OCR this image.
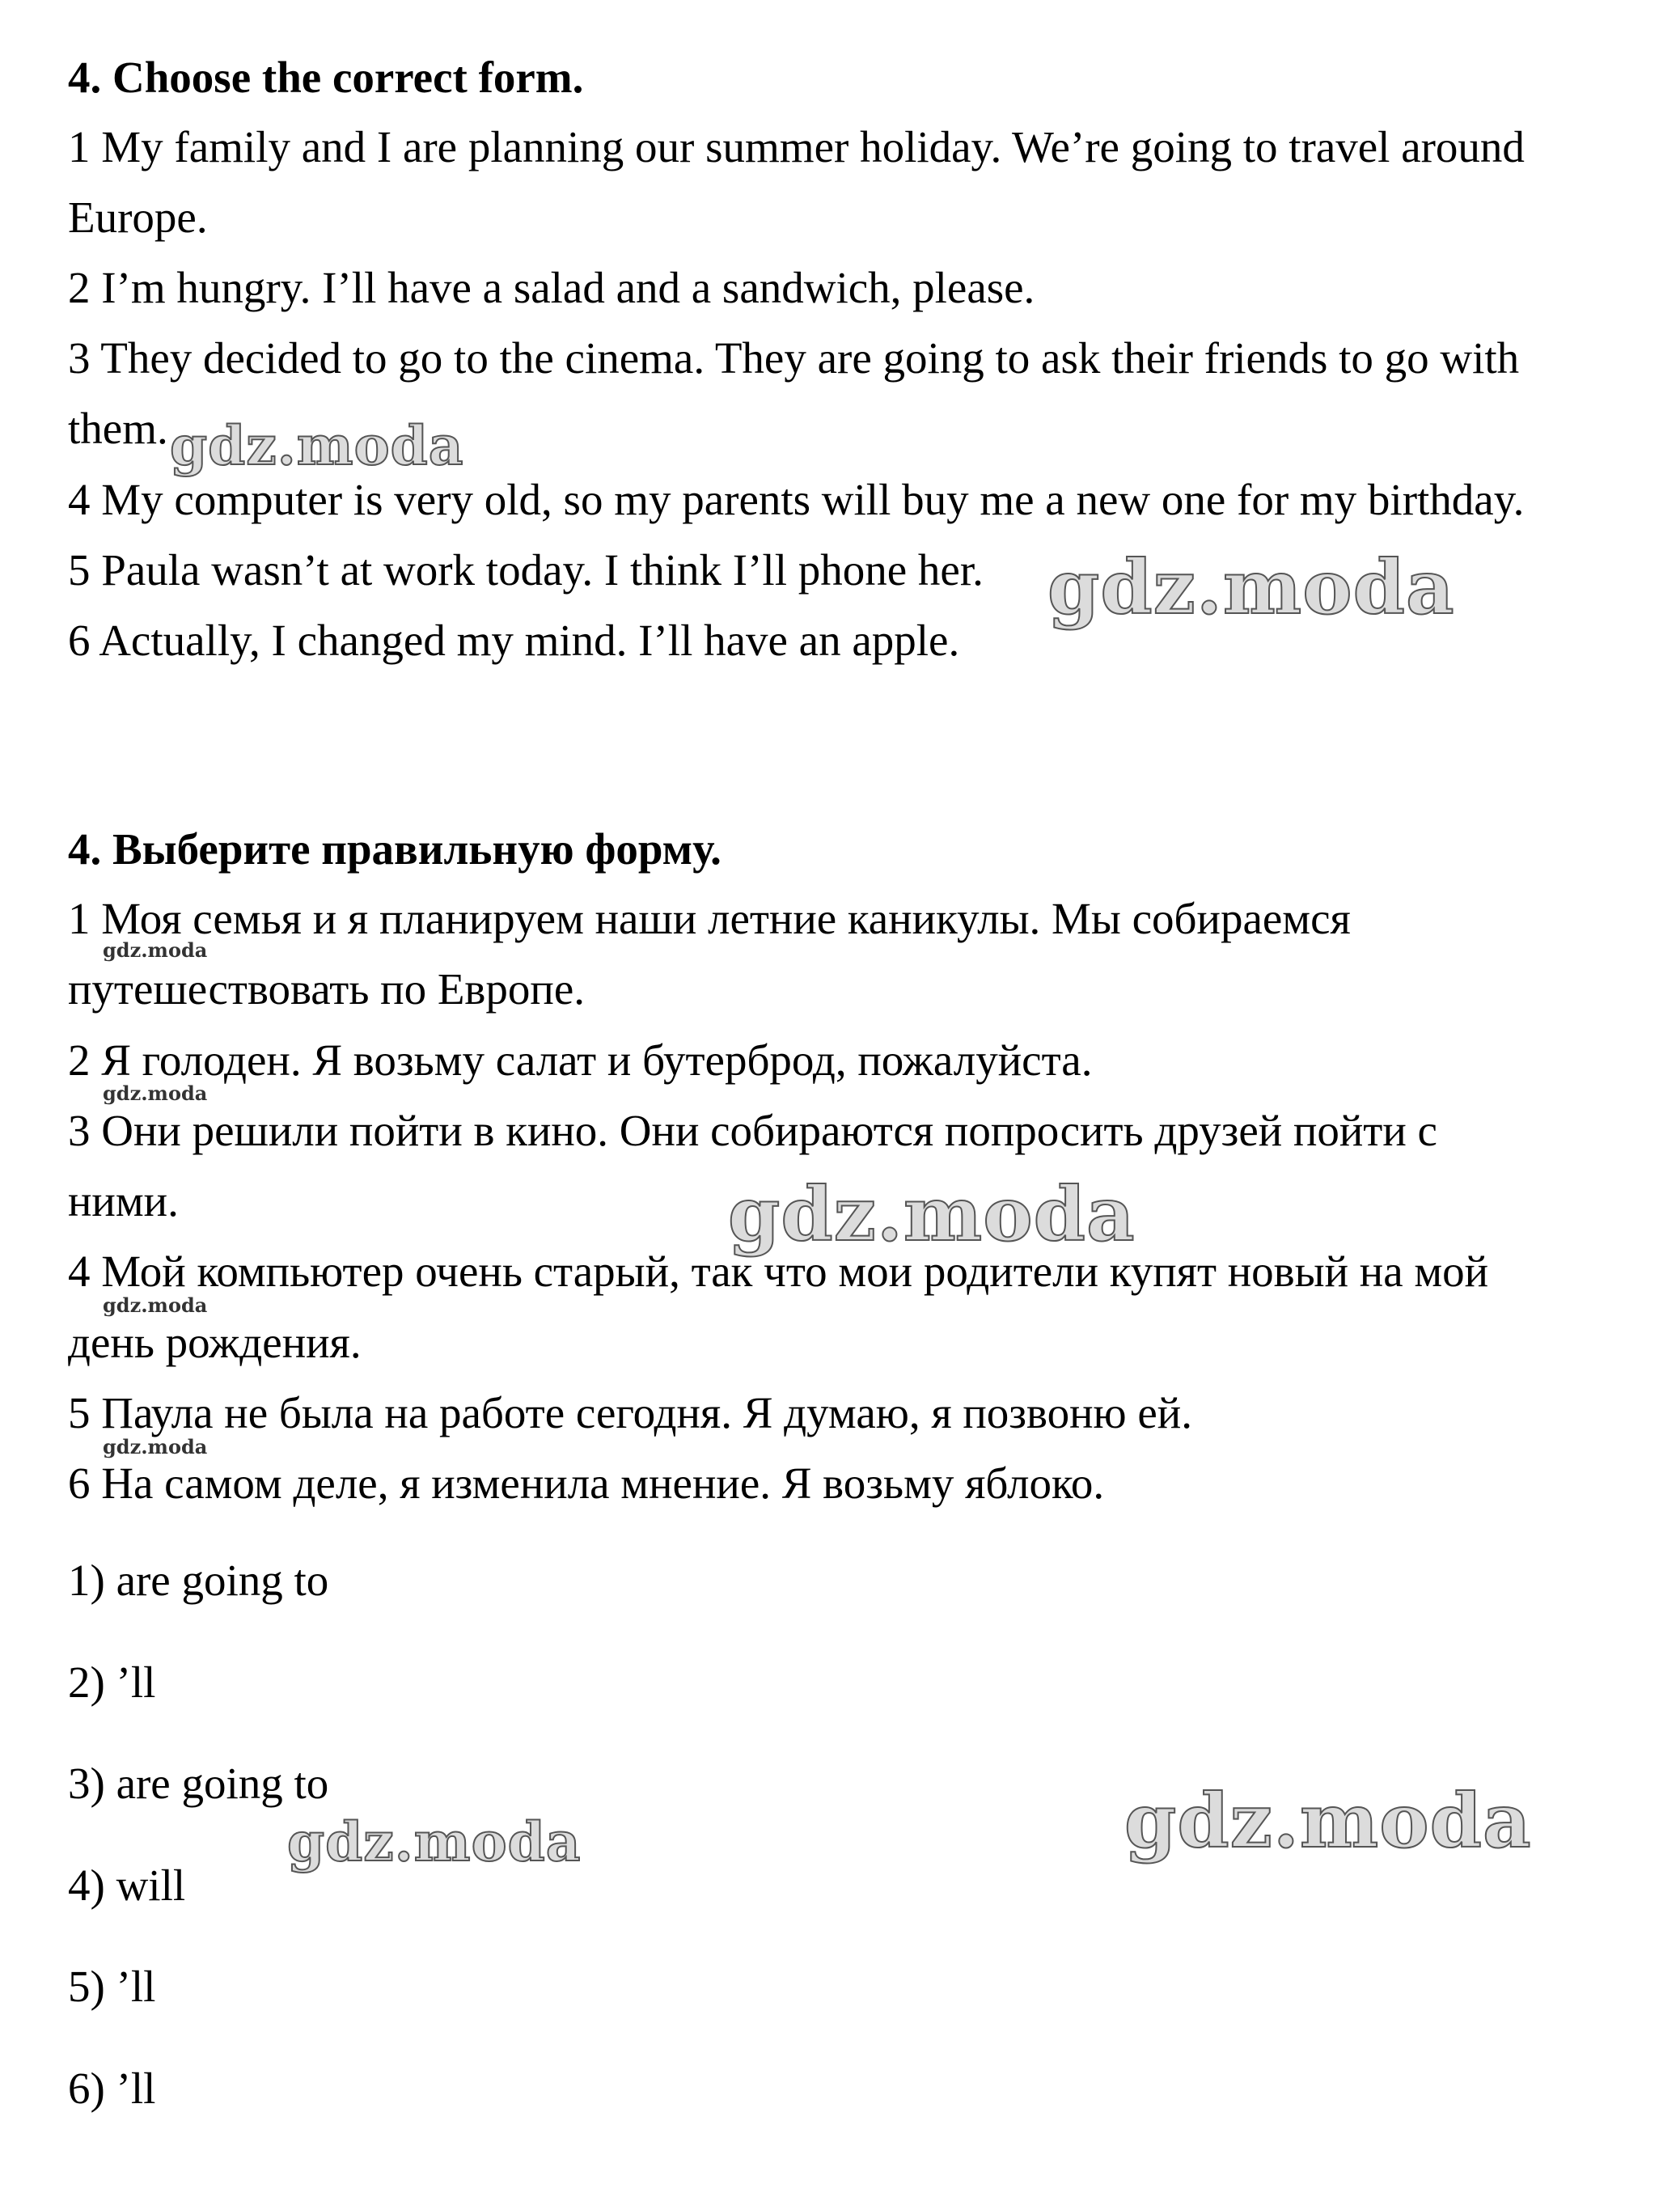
4. Choose the correct form.
1 My family and I are planning our summer holiday. We’re going to travel around
Europe.
2 I’m hungry. I’ll have a salad and a sandwich, please.
3 They decided to go to the cinema. They are going to ask their friends to go with
them.
4 My computer is very old, so my parents will buy me a new one for my birthday.
5 Paula wasn’t at work today. I think I’ll phone her.
6 Actually, I changed my mind. I’ll have an apple.
4. Выберите правильную форму.
1 Моя семья и я планируем наши летние каникулы. Мы собираемся
путешествовать по Европе.
2 Я голоден. Я возьму салат и бутерброд, пожалуйста.
3 Они решили пойти в кино. Они собираются попросить друзей пойти с
ними.
4 Мой компьютер очень старый, так что мои родители купят новый на мой
день рождения.
5 Паула не была на работе сегодня. Я думаю, я позвоню ей.
6 На самом деле, я изменила мнение. Я возьму яблоко.
1) are going to
2) ’ll
3) are going to
4) will
5) ’ll
6) ’ll
gdz.moda
gdz.moda
gdz.moda
gdz.moda
gdz.moda
gdz.moda
gdz.moda
gdz.moda	gdz.moda
